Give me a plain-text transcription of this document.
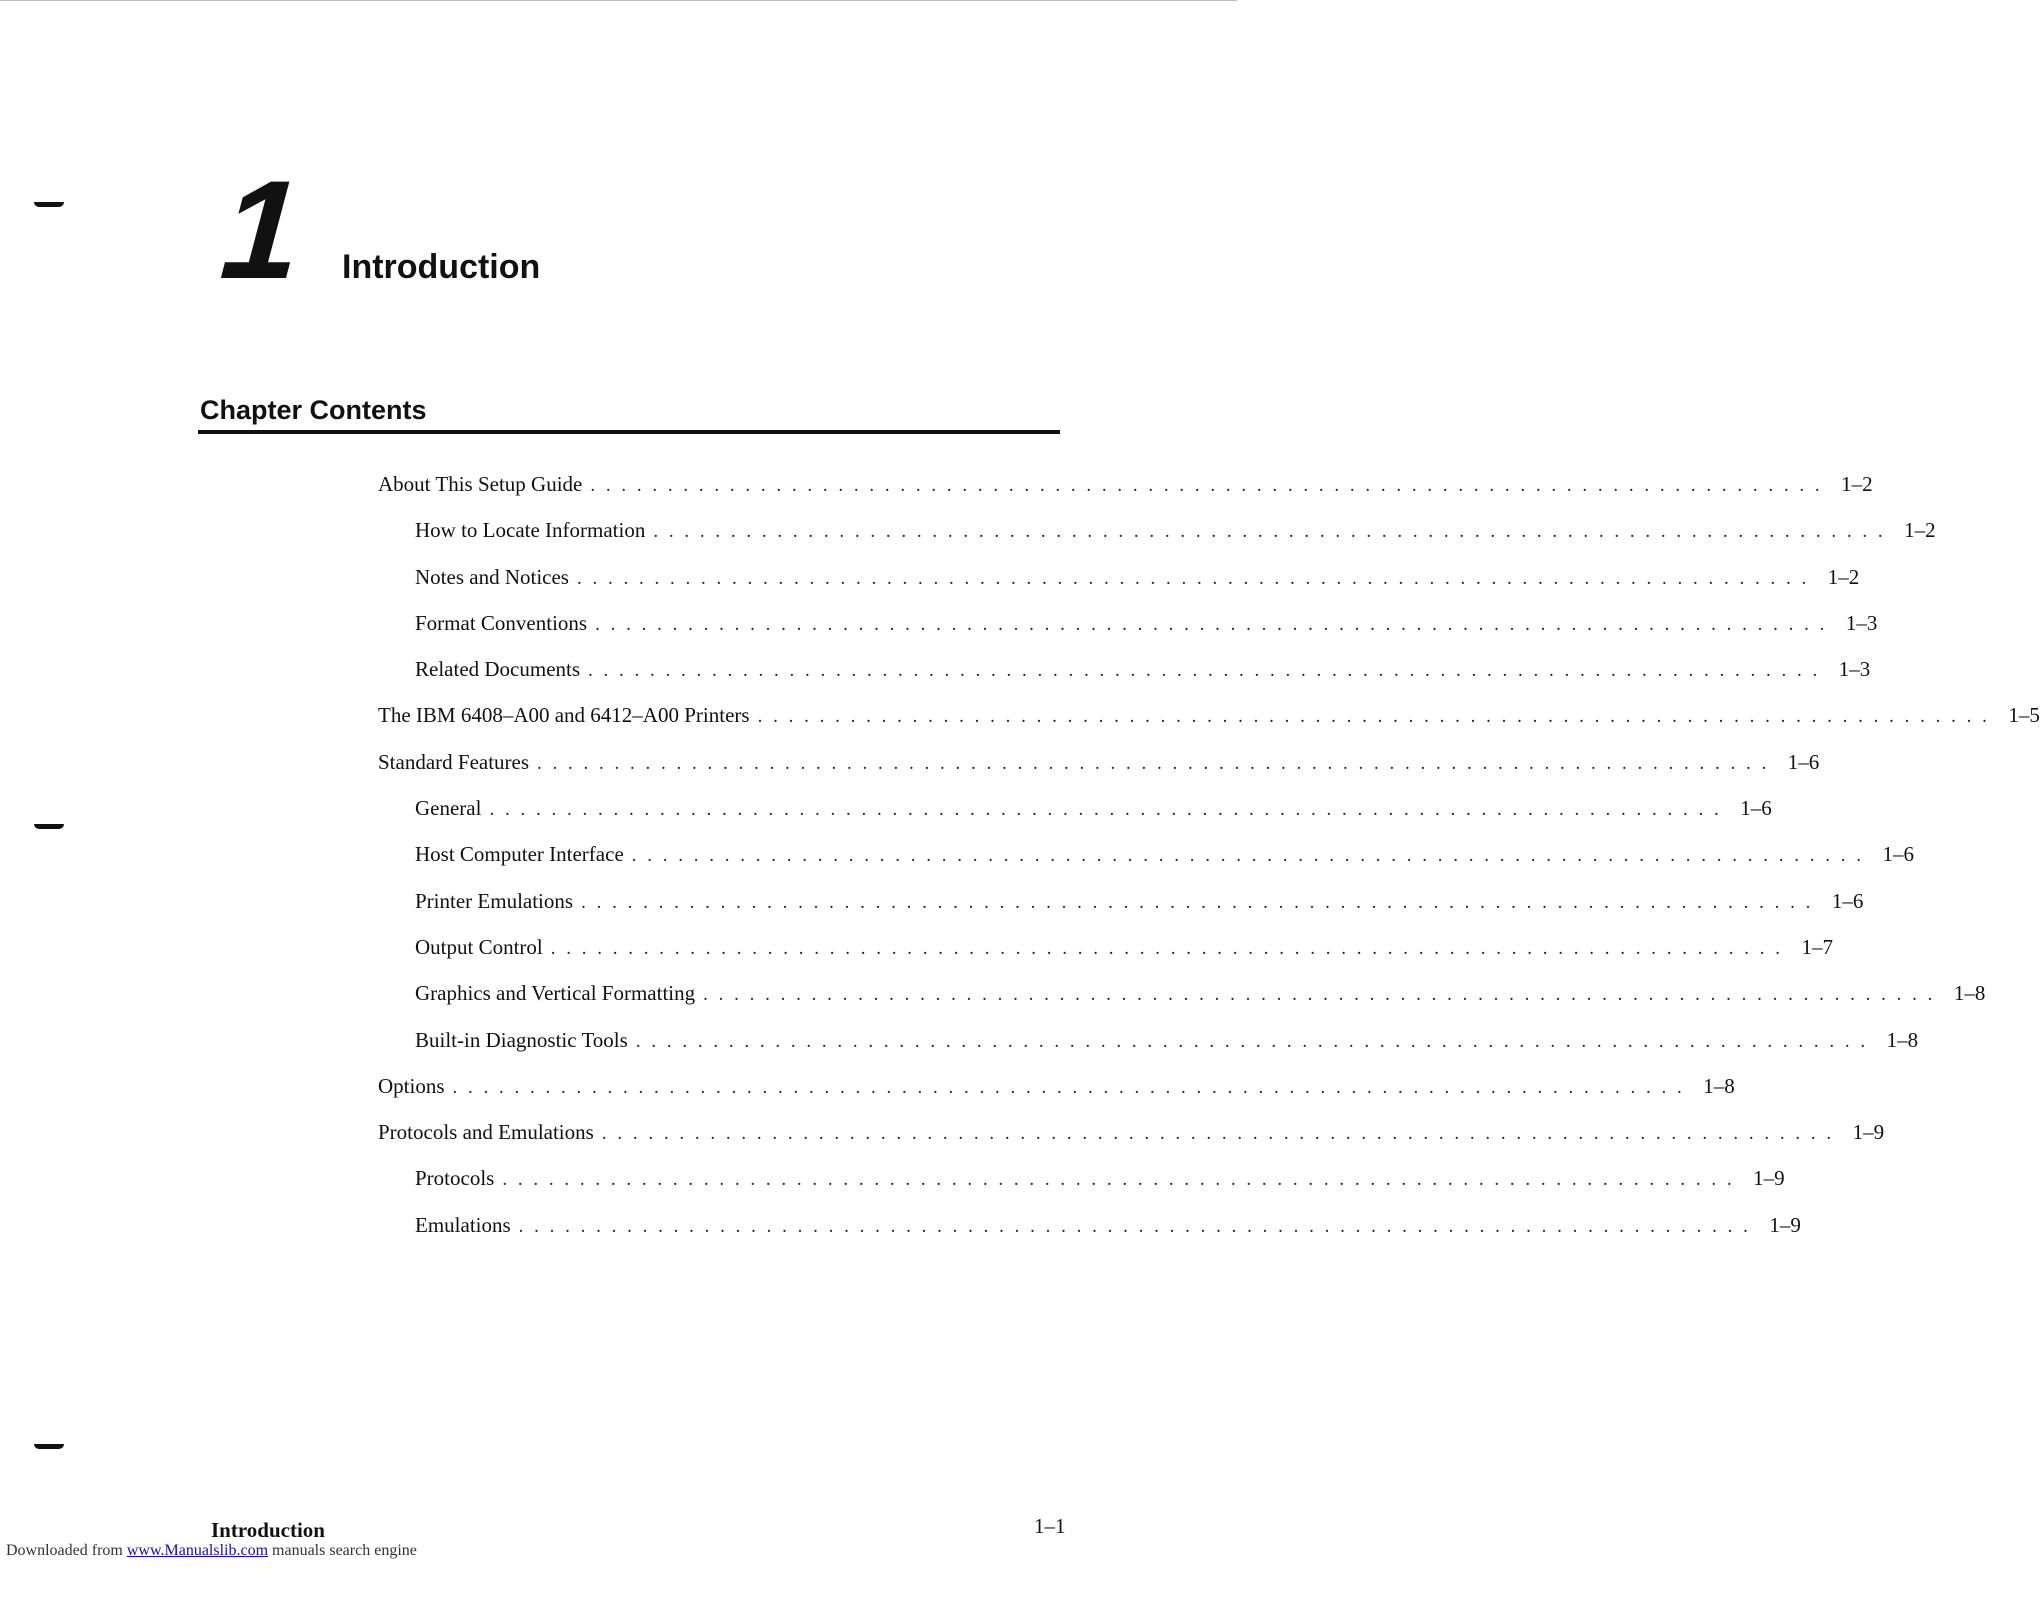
1 Introduction
Chapter Contents
About This Setup Guide . . . . . . . . . . . . . . . . . . . . . . . . . . . . . . . . . . . . . . . . . . . . . . . . . . . . . . . . . . . . . . . . . . . . . . . . . . . . . . . . 1–2
How to Locate Information . . . . . . . . . . . . . . . . . . . . . . . . . . . . . . . . . . . . . . . . . . . . . . . . . . . . . . . . . . . . . . . . . . . . . . . . . . . . . . . . 1–2
Notes and Notices . . . . . . . . . . . . . . . . . . . . . . . . . . . . . . . . . . . . . . . . . . . . . . . . . . . . . . . . . . . . . . . . . . . . . . . . . . . . . . . . 1–2
Format Conventions . . . . . . . . . . . . . . . . . . . . . . . . . . . . . . . . . . . . . . . . . . . . . . . . . . . . . . . . . . . . . . . . . . . . . . . . . . . . . . . . 1–3
Related Documents . . . . . . . . . . . . . . . . . . . . . . . . . . . . . . . . . . . . . . . . . . . . . . . . . . . . . . . . . . . . . . . . . . . . . . . . . . . . . . . . 1–3
The IBM 6408–A00 and 6412–A00 Printers . . . . . . . . . . . . . . . . . . . . . . . . . . . . . . . . . . . . . . . . . . . . . . . . . . . . . . . . . . . . . . . . . . . . . . . . . . . . . . . . 1–5
Standard Features . . . . . . . . . . . . . . . . . . . . . . . . . . . . . . . . . . . . . . . . . . . . . . . . . . . . . . . . . . . . . . . . . . . . . . . . . . . . . . . . 1–6
General . . . . . . . . . . . . . . . . . . . . . . . . . . . . . . . . . . . . . . . . . . . . . . . . . . . . . . . . . . . . . . . . . . . . . . . . . . . . . . . . 1–6
Host Computer Interface . . . . . . . . . . . . . . . . . . . . . . . . . . . . . . . . . . . . . . . . . . . . . . . . . . . . . . . . . . . . . . . . . . . . . . . . . . . . . . . . 1–6
Printer Emulations . . . . . . . . . . . . . . . . . . . . . . . . . . . . . . . . . . . . . . . . . . . . . . . . . . . . . . . . . . . . . . . . . . . . . . . . . . . . . . . . 1–6
Output Control . . . . . . . . . . . . . . . . . . . . . . . . . . . . . . . . . . . . . . . . . . . . . . . . . . . . . . . . . . . . . . . . . . . . . . . . . . . . . . . . 1–7
Graphics and Vertical Formatting . . . . . . . . . . . . . . . . . . . . . . . . . . . . . . . . . . . . . . . . . . . . . . . . . . . . . . . . . . . . . . . . . . . . . . . . . . . . . . . . 1–8
Built-in Diagnostic Tools . . . . . . . . . . . . . . . . . . . . . . . . . . . . . . . . . . . . . . . . . . . . . . . . . . . . . . . . . . . . . . . . . . . . . . . . . . . . . . . . 1–8
Options . . . . . . . . . . . . . . . . . . . . . . . . . . . . . . . . . . . . . . . . . . . . . . . . . . . . . . . . . . . . . . . . . . . . . . . . . . . . . . . . 1–8
Protocols and Emulations . . . . . . . . . . . . . . . . . . . . . . . . . . . . . . . . . . . . . . . . . . . . . . . . . . . . . . . . . . . . . . . . . . . . . . . . . . . . . . . . 1–9
Protocols . . . . . . . . . . . . . . . . . . . . . . . . . . . . . . . . . . . . . . . . . . . . . . . . . . . . . . . . . . . . . . . . . . . . . . . . . . . . . . . . 1–9
Emulations . . . . . . . . . . . . . . . . . . . . . . . . . . . . . . . . . . . . . . . . . . . . . . . . . . . . . . . . . . . . . . . . . . . . . . . . . . . . . . . . 1–9
Introduction	1–1
Downloaded from www.Manualslib.com manuals search engine
